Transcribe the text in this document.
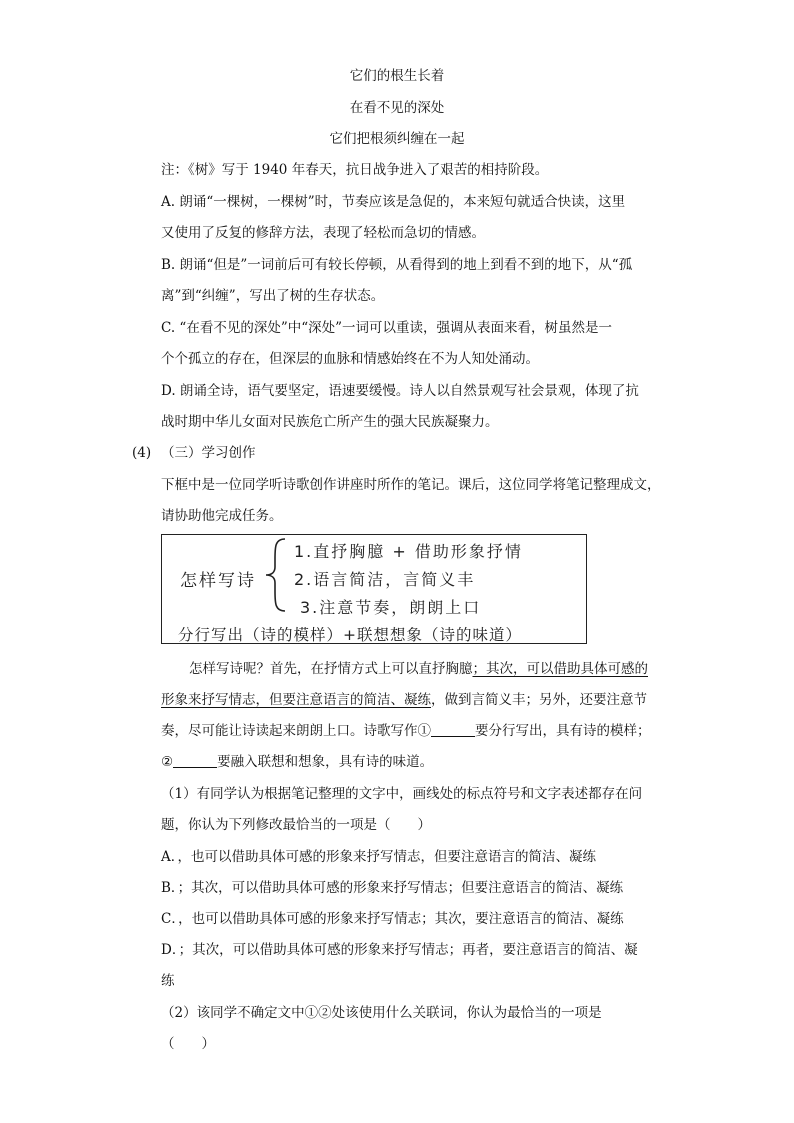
它们的根生长着
在看不见的深处
它们把根须纠缠在一起
注：《树》写于 1940 年春天，抗日战争进入了艰苦的相持阶段。
A. 朗诵“一棵树，一棵树”时，节奏应该是急促的，本来短句就适合快读，这里
又使用了反复的修辞方法，表现了轻松而急切的情感。
B. 朗诵“但是”一词前后可有较长停顿，从看得到的地上到看不到的地下，从“孤
离”到“纠缠”，写出了树的生存状态。
C. “在看不见的深处”中“深处”一词可以重读，强调从表面来看，树虽然是一
个个孤立的存在，但深层的血脉和情感始终在不为人知处涌动。
D. 朗诵全诗，语气要坚定，语速要缓慢。诗人以自然景观写社会景观，体现了抗
战时期中华儿女面对民族危亡所产生的强大民族凝聚力。
(4) （三）学习创作
下框中是一位同学听诗歌创作讲座时所作的笔记。课后，这位同学将笔记整理成文，
请协助他完成任务。
怎样写诗
1.直抒胸臆 + 借助形象抒情
2.语言简洁，言简义丰
3.注意节奏，朗朗上口
分行写出（诗的模样）+联想想象（诗的味道）
怎样写诗呢？首先，在抒情方式上可以直抒胸臆；其次，可以借助具体可感的
形象来抒写情志，但要注意语言的简洁、凝练，做到言简义丰；另外，还要注意节
奏，尽可能让诗读起来朗朗上口。诗歌写作①	要分行写出，具有诗的模样；
②	要融入联想和想象，具有诗的味道。
（1）有同学认为根据笔记整理的文字中，画线处的标点符号和文字表述都存在问
题，你认为下列修改最恰当的一项是（　　）
A．，也可以借助具体可感的形象来抒写情志，但要注意语言的简洁、凝练
B．；其次，可以借助具体可感的形象来抒写情志；但要注意语言的简洁、凝练
C．，也可以借助具体可感的形象来抒写情志；其次，要注意语言的简洁、凝练
D．；其次，可以借助具体可感的形象来抒写情志；再者，要注意语言的简洁、凝
练
（2）该同学不确定文中①②处该使用什么关联词，你认为最恰当的一项是
（　　）
